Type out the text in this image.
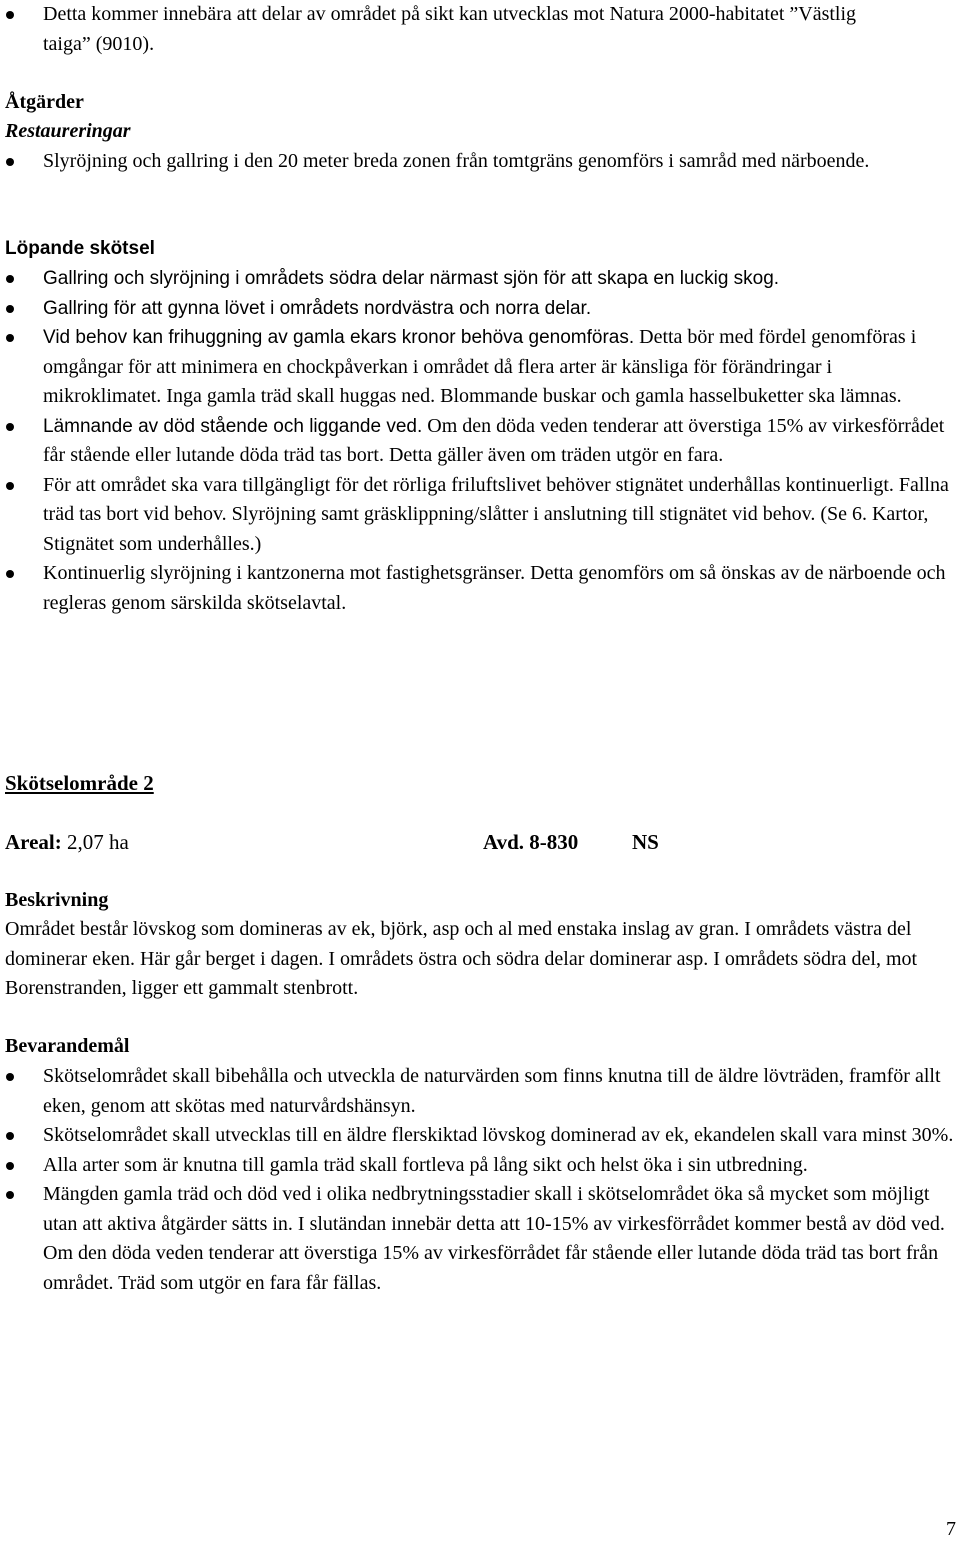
Detta kommer innebära att delar av området på sikt kan utvecklas mot Natura 2000-habitatet ”Västlig taiga” (9010).
Åtgärder
Restaureringar
Slyröjning och gallring i den 20 meter breda zonen från tomtgräns genomförs i samråd med närboende.
Löpande skötsel
Gallring och slyröjning i områdets södra delar närmast sjön för att skapa en luckig skog.
Gallring för att gynna lövet i områdets nordvästra och norra delar.
Vid behov kan frihuggning av gamla ekars kronor behöva genomföras. Detta bör med fördel genomföras i omgångar för att minimera en chockpåverkan i området då flera arter är känsliga för förändringar i mikroklimatet. Inga gamla träd skall huggas ned. Blommande buskar och gamla hasselbuketter ska lämnas.
Lämnande av död stående och liggande ved. Om den döda veden tenderar att överstiga 15% av virkesförrådet får stående eller lutande döda träd tas bort. Detta gäller även om träden utgör en fara.
För att området ska vara tillgängligt för det rörliga friluftslivet behöver stignätet underhållas kontinuerligt. Fallna träd tas bort vid behov. Slyröjning samt gräsklippning/slåtter i anslutning till stignätet vid behov. (Se 6. Kartor, Stignätet som underhålles.)
Kontinuerlig slyröjning i kantzonerna mot fastighetsgränser. Detta genomförs om så önskas av de närboende och regleras genom särskilda skötselavtal.
Skötselområde 2
Areal: 2,07 ha	Avd. 8-830	NS
Beskrivning
Området består lövskog som domineras av ek, björk, asp och al med enstaka inslag av gran. I områdets västra del dominerar eken. Här går berget i dagen. I områdets östra och södra delar dominerar asp. I områdets södra del, mot Borenstranden, ligger ett gammalt stenbrott.
Bevarandemål
Skötselområdet skall bibehålla och utveckla de naturvärden som finns knutna till de äldre lövträden, framför allt eken, genom att skötas med naturvårdshänsyn.
Skötselområdet skall utvecklas till en äldre flerskiktad lövskog dominerad av ek, ekandelen skall vara minst 30%.
Alla arter som är knutna till gamla träd skall fortleva på lång sikt och helst öka i sin utbredning.
Mängden gamla träd och död ved i olika nedbrytningsstadier skall i skötselområdet öka så mycket som möjligt utan att aktiva åtgärder sätts in. I slutändan innebär detta att 10-15% av virkesförrådet kommer bestå av död ved. Om den döda veden tenderar att överstiga 15% av virkesförrådet får stående eller lutande döda träd tas bort från området. Träd som utgör en fara får fällas.
7
